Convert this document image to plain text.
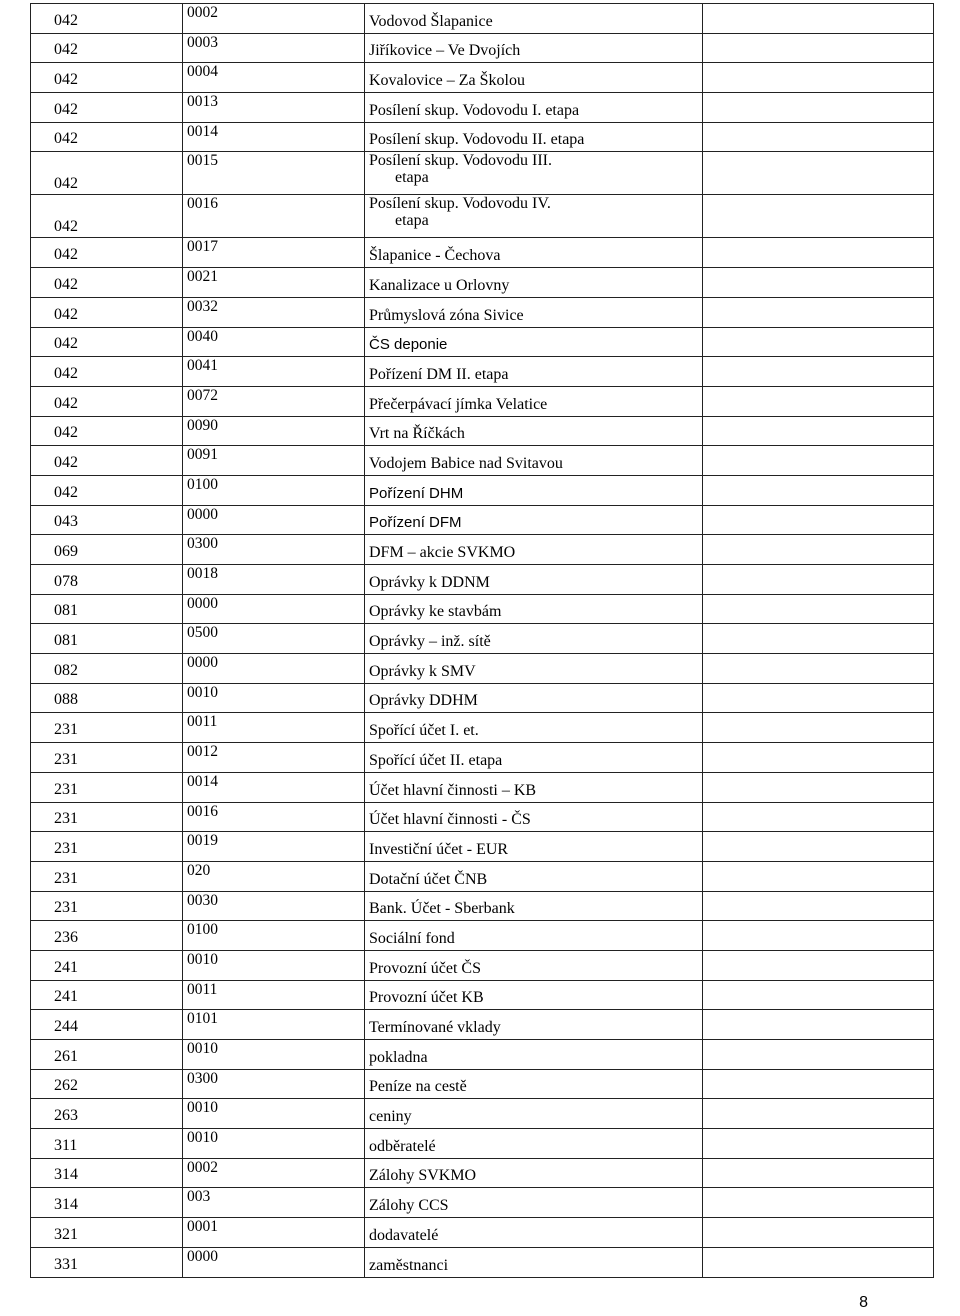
042	0002	Vodovod Šlapanice	

042	0003	Jiříkovice – Ve Dvojích	

042	0004	Kovalovice – Za Školou	

042	0013	Posílení skup. Vodovodu I. etapa	

042	0014	Posílení skup. Vodovodu II. etapa	

042	0015	Posílení skup. Vodovodu III.
etapa	

042	0016	Posílení skup. Vodovodu IV.
etapa	

042	0017	Šlapanice - Čechova	

042	0021	Kanalizace u Orlovny	

042	0032	Průmyslová zóna Sivice	

042	0040	ČS deponie	

042	0041	Pořízení DM II. etapa	

042	0072	Přečerpávací jímka Velatice	

042	0090	Vrt na Říčkách	

042	0091	Vodojem Babice nad Svitavou	

042	0100	Pořízení DHM	

043	0000	Pořízení DFM	

069	0300	DFM – akcie SVKMO	

078	0018	Oprávky k DDNM	

081	0000	Oprávky ke stavbám	

081	0500	Oprávky – inž. sítě	

082	0000	Oprávky k SMV	

088	0010	Oprávky DDHM	

231	0011	Spořící účet I. et.	

231	0012	Spořící účet II. etapa	

231	0014	Účet hlavní činnosti – KB	

231	0016	Účet hlavní činnosti - ČS	

231	0019	Investiční účet - EUR	

231	020	Dotační účet ČNB	

231	0030	Bank. Účet - Sberbank	

236	0100	Sociální fond	

241	0010	Provozní účet ČS	

241	0011	Provozní účet KB	

244	0101	Termínované vklady	

261	0010	pokladna	

262	0300	Peníze na cestě	

263	0010	ceniny	

311	0010	odběratelé	

314	0002	Zálohy SVKMO	

314	003	Zálohy CCS	

321	0001	dodavatelé	

331	0000	zaměstnanci	

8
